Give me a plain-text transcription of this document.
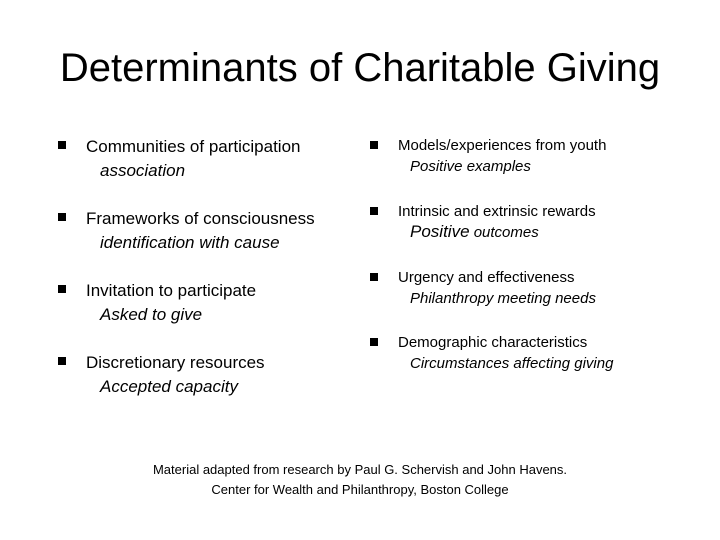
Determinants of Charitable Giving
Communities of participation
association
Frameworks of consciousness
identification with cause
Invitation to participate
Asked to give
Discretionary resources
Accepted capacity
Models/experiences from youth
Positive examples
Intrinsic and extrinsic rewards
Positive outcomes
Urgency and effectiveness
Philanthropy meeting needs
Demographic characteristics
Circumstances affecting giving
Material adapted from research by Paul G. Schervish and John Havens.
Center for Wealth and Philanthropy, Boston College
